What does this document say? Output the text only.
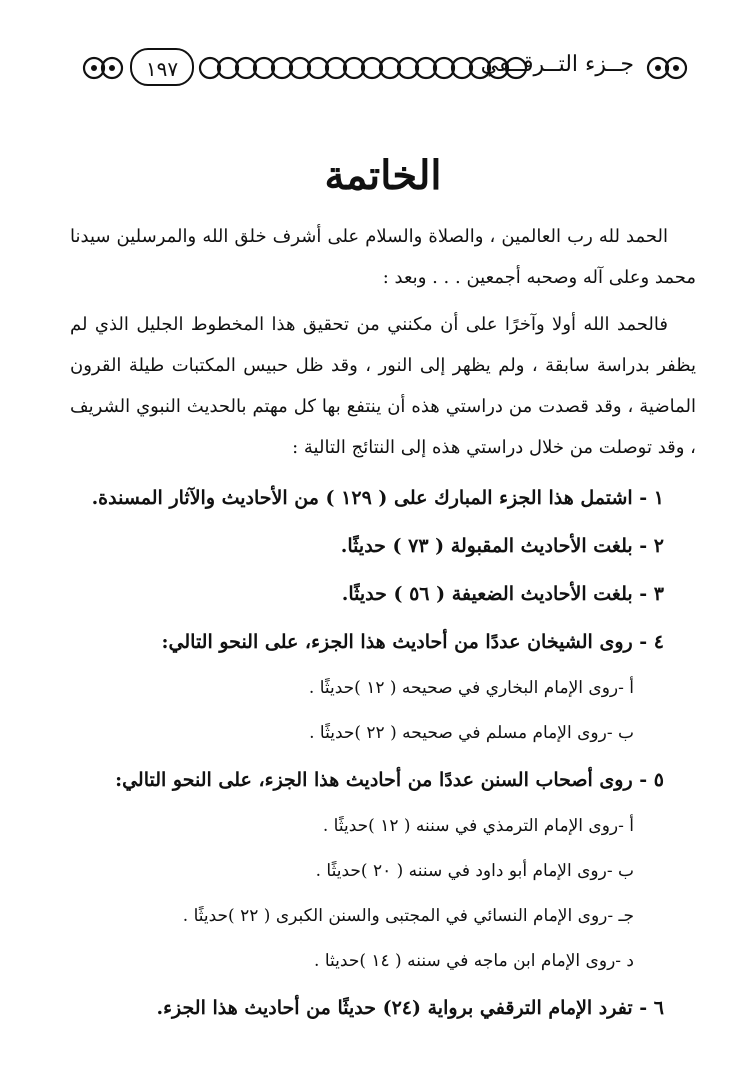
١٩٧	جــزء التــرقــفي
الخاتمة

الحمد لله رب العالمين ، والصلاة والسلام على أشرف خلق الله والمرسلين سيدنا محمد وعلى آله وصحبه أجمعين . . . وبعد :

فالحمد الله أولا وآخرًا على أن مكنني من تحقيق هذا المخطوط الجليل الذي لم يظفر بدراسة سابقة ، ولم يظهر إلى النور ، وقد ظل حبيس المكتبات طيلة القرون الماضية ، وقد قصدت من دراستي هذه أن ينتفع بها كل مهتم بالحديث النبوي الشريف ، وقد توصلت من خلال دراستي هذه إلى النتائج التالية :

١ - اشتمل هذا الجزء المبارك على ( ١٢٩ ) من الأحاديث والآثار المسندة.

٢ - بلغت الأحاديث المقبولة ( ٧٣ ) حديثًا.

٣ - بلغت الأحاديث الضعيفة ( ٥٦ ) حديثًا.

٤ - روى الشيخان عددًا من أحاديث هذا الجزء، على النحو التالي:

أ -روى الإمام البخاري في صحيحه ( ١٢ )حديثًا .

ب -روى الإمام مسلم في صحيحه ( ٢٢ )حديثًا .

٥ - روى أصحاب السنن عددًا من أحاديث هذا الجزء، على النحو التالي:

أ -روى الإمام الترمذي في سننه ( ١٢ )حديثًا .

ب -روى الإمام أبو داود في سننه ( ٢٠ )حديثًا .

جـ -روى الإمام النسائي في المجتبى والسنن الكبرى ( ٢٢ )حديثًا .

د -روى الإمام ابن ماجه في سننه ( ١٤ )حديثا .

٦ - تفرد الإمام الترقفي برواية (٢٤) حديثًا من أحاديث هذا الجزء.
